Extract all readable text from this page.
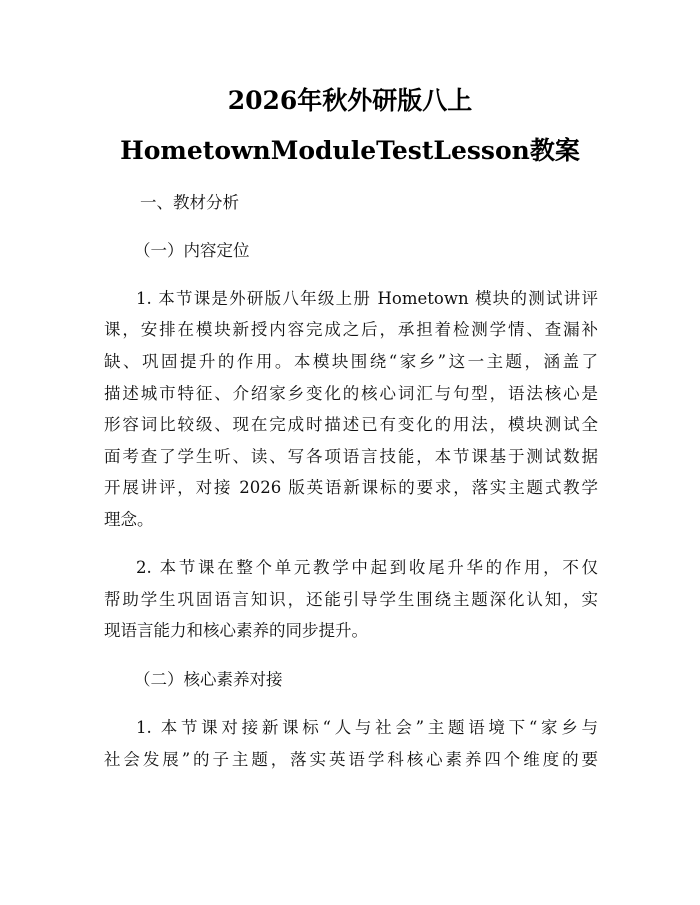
2026年秋外研版八上
HometownModuleTestLesson教案
一、教材分析
（一）内容定位
1. 本节课是外研版八年级上册 Hometown 模块的测试讲评
课，安排在模块新授内容完成之后，承担着检测学情、查漏补
缺、巩固提升的作用。本模块围绕“家乡”这一主题，涵盖了
描述城市特征、介绍家乡变化的核心词汇与句型，语法核心是
形容词比较级、现在完成时描述已有变化的用法，模块测试全
面考查了学生听、读、写各项语言技能，本节课基于测试数据
开展讲评，对接 2026 版英语新课标的要求，落实主题式教学
理念。
2. 本节课在整个单元教学中起到收尾升华的作用，不仅
帮助学生巩固语言知识，还能引导学生围绕主题深化认知，实
现语言能力和核心素养的同步提升。
（二）核心素养对接
1. 本节课对接新课标“人与社会”主题语境下“家乡与
社会发展”的子主题，落实英语学科核心素养四个维度的要
